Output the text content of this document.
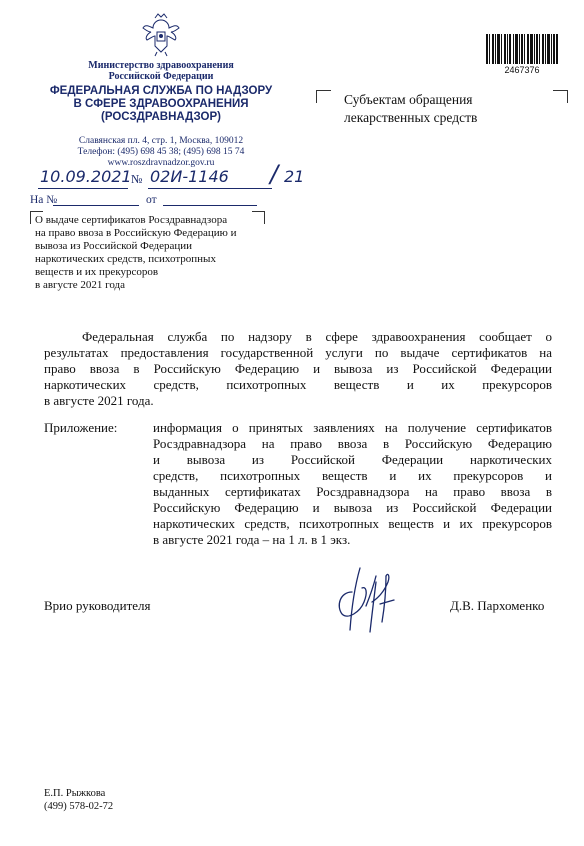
Министерство здравоохранения
Российской Федерации
ФЕДЕРАЛЬНАЯ СЛУЖБА ПО НАДЗОРУ
В СФЕРЕ ЗДРАВООХРАНЕНИЯ
(РОСЗДРАВНАДЗОР)
Славянская пл. 4, стр. 1, Москва, 109012
Телефон: (495) 698 45 38; (495) 698 15 74
www.roszdravnadzor.gov.ru
2467376
Субъектам обращения
лекарственных средств
10.09.2021 № 02И-1146 / 21
На №	от
О выдаче сертификатов Росздравнадзора
на право ввоза в Российскую Федерацию и
вывоза из Российской Федерации
наркотических средств, психотропных
веществ и их прекурсоров
в августе 2021 года
Федеральная служба по надзору в сфере здравоохранения сообщает о
результатах предоставления государственной услуги по выдаче сертификатов на
право ввоза в Российскую Федерацию и вывоза из Российской Федерации
наркотических средств, психотропных веществ и их прекурсоров
в августе 2021 года.
Приложение:	информация о принятых заявлениях на получение сертификатов
Росздравнадзора на право ввоза в Российскую Федерацию
и вывоза из Российской Федерации наркотических
средств, психотропных веществ и их прекурсоров и
выданных сертификатах Росздравнадзора на право ввоза в
Российскую Федерацию и вывоза из Российской Федерации
наркотических средств, психотропных веществ и их прекурсоров
в августе 2021 года – на 1 л. в 1 экз.
Врио руководителя	Д.В. Пархоменко
Е.П. Рыжкова
(499) 578-02-72
